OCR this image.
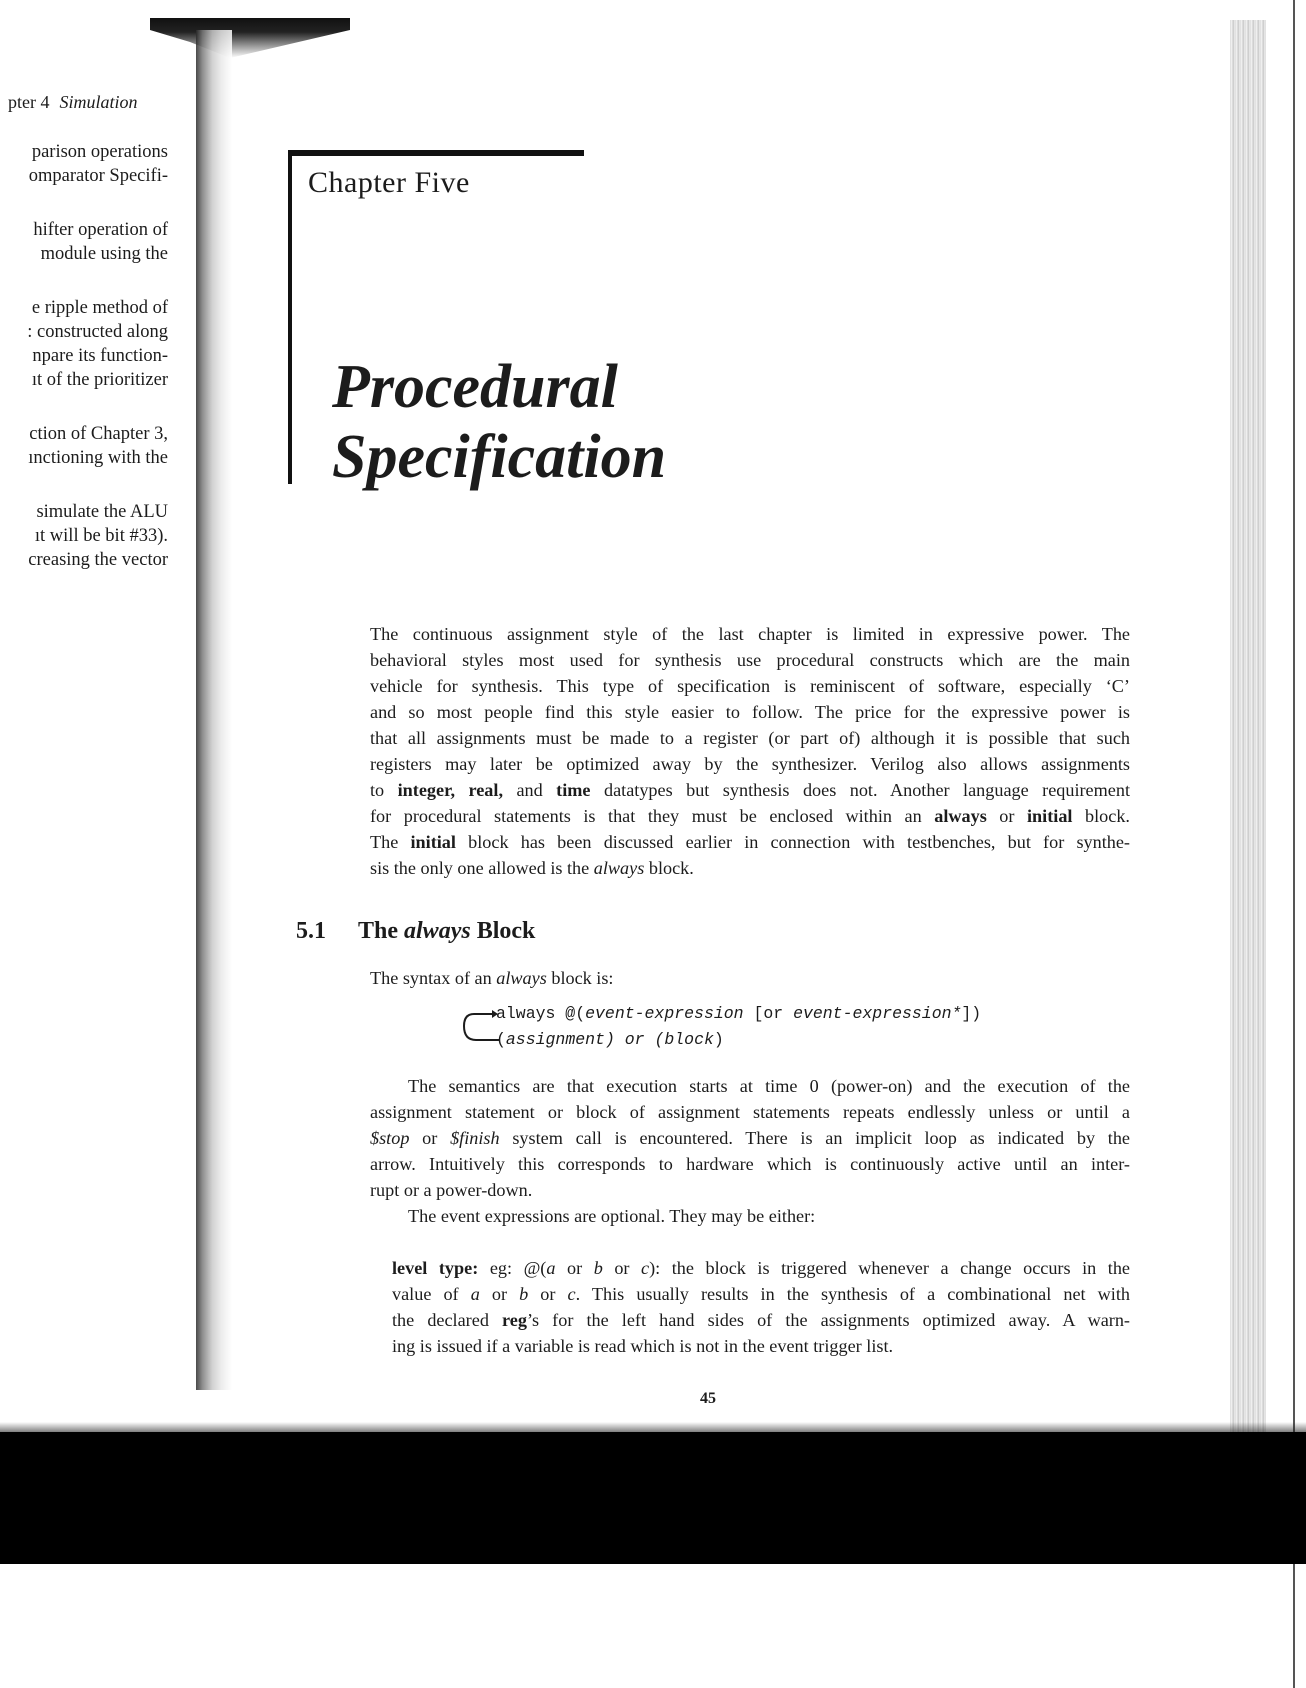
pter 4 Simulation
parison operations
omparator Specifi-
hifter operation of
module using the
e ripple method of
: constructed along
npare its function-
ıt of the prioritizer
ction of Chapter 3,
ınctioning with the
simulate the ALU
ıt will be bit #33).
creasing the vector
Chapter Five
Procedural
Specification
The continuous assignment style of the last chapter is limited in expressive power. The
behavioral styles most used for synthesis use procedural constructs which are the main
vehicle for synthesis. This type of specification is reminiscent of software, especially ‘C’
and so most people find this style easier to follow. The price for the expressive power is
that all assignments must be made to a register (or part of) although it is possible that such
registers may later be optimized away by the synthesizer. Verilog also allows assignments
to integer, real, and time datatypes but synthesis does not. Another language requirement
for procedural statements is that they must be enclosed within an always or initial block.
The initial block has been discussed earlier in connection with testbenches, but for synthe-
sis the only one allowed is the always block.
5.1 The always Block
The syntax of an always block is:
always @(event-expression [or event-expression*])
(assignment) or (block)
The semantics are that execution starts at time 0 (power-on) and the execution of the
assignment statement or block of assignment statements repeats endlessly unless or until a
$stop or $finish system call is encountered. There is an implicit loop as indicated by the
arrow. Intuitively this corresponds to hardware which is continuously active until an inter-
rupt or a power-down.
The event expressions are optional. They may be either:
level type: eg: @(a or b or c): the block is triggered whenever a change occurs in the
value of a or b or c. This usually results in the synthesis of a combinational net with
the declared reg’s for the left hand sides of the assignments optimized away. A warn-
ing is issued if a variable is read which is not in the event trigger list.
45
